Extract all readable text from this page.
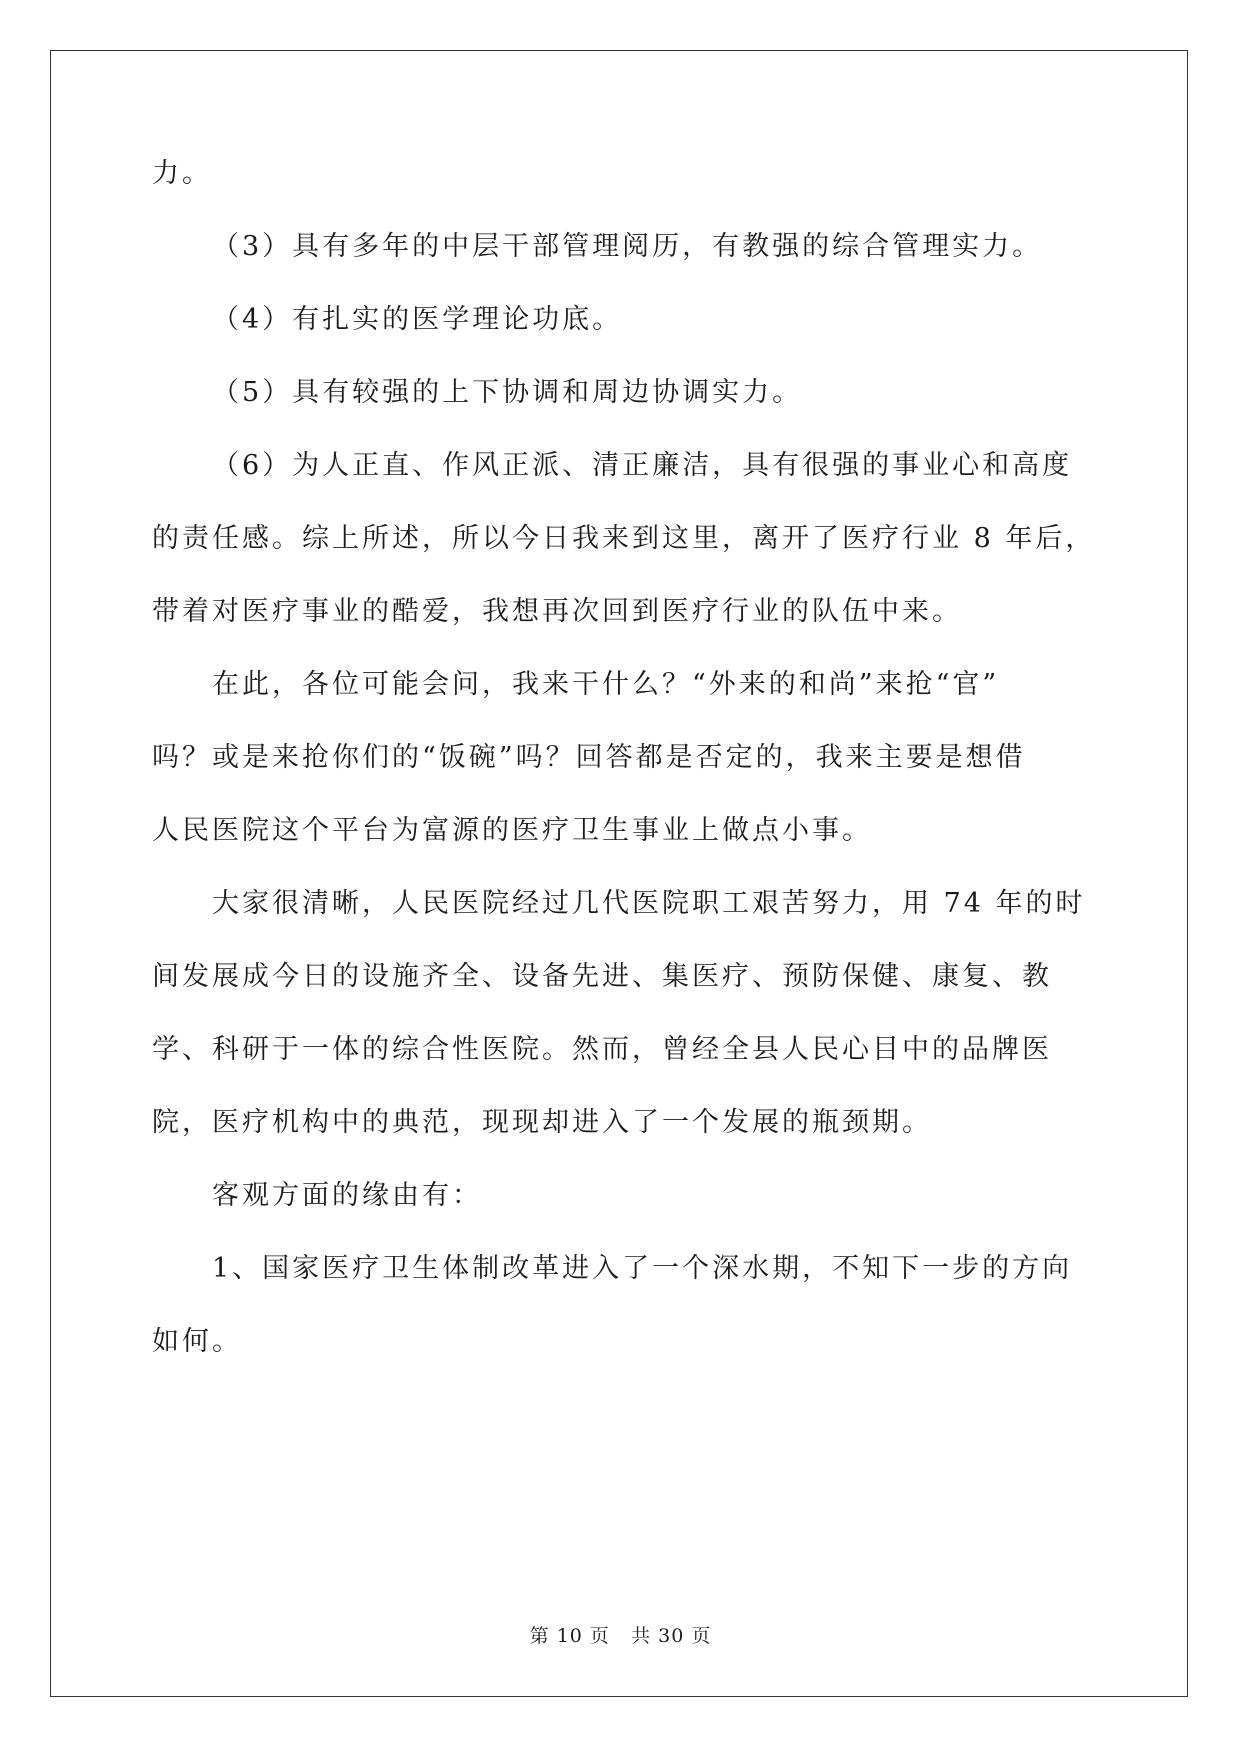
力。
（3）具有多年的中层干部管理阅历，有教强的综合管理实力。
（4）有扎实的医学理论功底。
（5）具有较强的上下协调和周边协调实力。
（6）为人正直、作风正派、清正廉洁，具有很强的事业心和高度
的责任感。综上所述，所以今日我来到这里，离开了医疗行业 8 年后，
带着对医疗事业的酷爱，我想再次回到医疗行业的队伍中来。
在此，各位可能会问，我来干什么？“外来的和尚”来抢“官”
吗？或是来抢你们的“饭碗”吗？回答都是否定的，我来主要是想借
人民医院这个平台为富源的医疗卫生事业上做点小事。
大家很清晰，人民医院经过几代医院职工艰苦努力，用 74 年的时
间发展成今日的设施齐全、设备先进、集医疗、预防保健、康复、教
学、科研于一体的综合性医院。然而，曾经全县人民心目中的品牌医
院，医疗机构中的典范，现现却进入了一个发展的瓶颈期。
客观方面的缘由有：
1、国家医疗卫生体制改革进入了一个深水期，不知下一步的方向
如何。
第 10 页 共 30 页
